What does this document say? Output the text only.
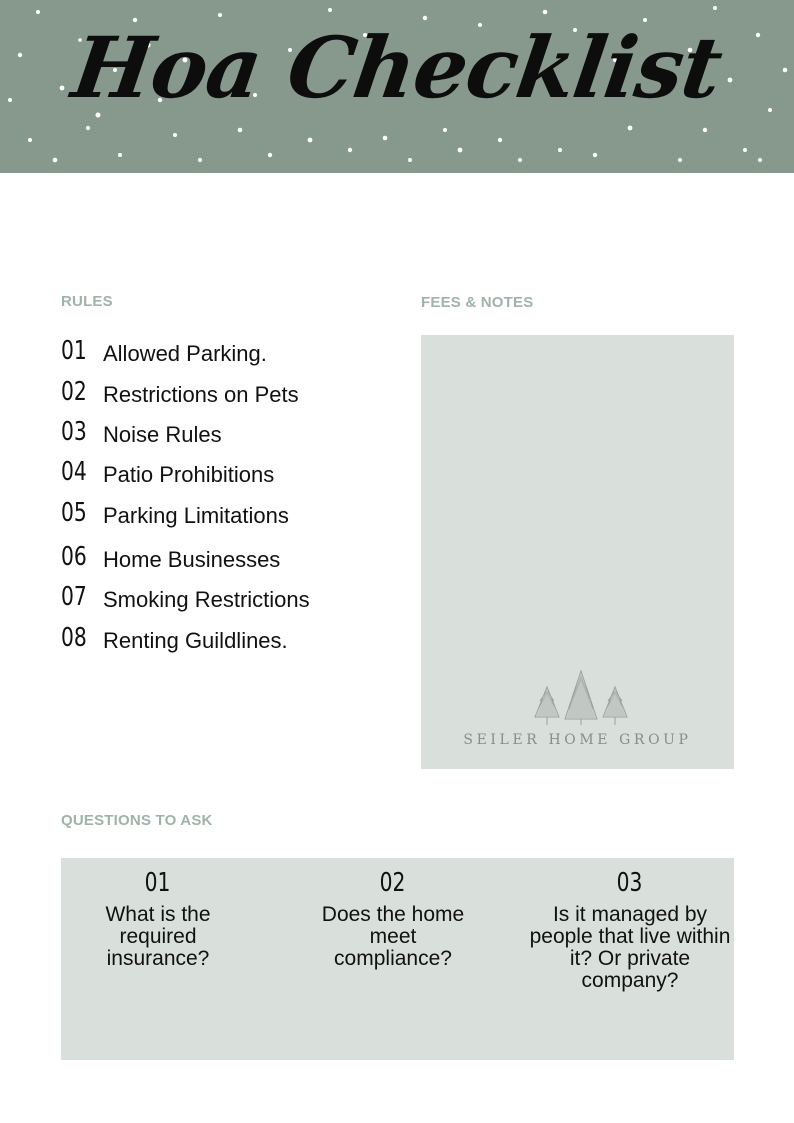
Hoa Checklist
RULES
01 Allowed Parking.
02 Restrictions on Pets
03 Noise Rules
04 Patio Prohibitions
05 Parking Limitations
06 Home Businesses
07 Smoking Restrictions
08 Renting Guildlines.
FEES & NOTES
SEILER HOME GROUP
QUESTIONS TO ASK
01
What is the required insurance?
02
Does the home meet compliance?
03
Is it managed by people that live within it? Or private company?
